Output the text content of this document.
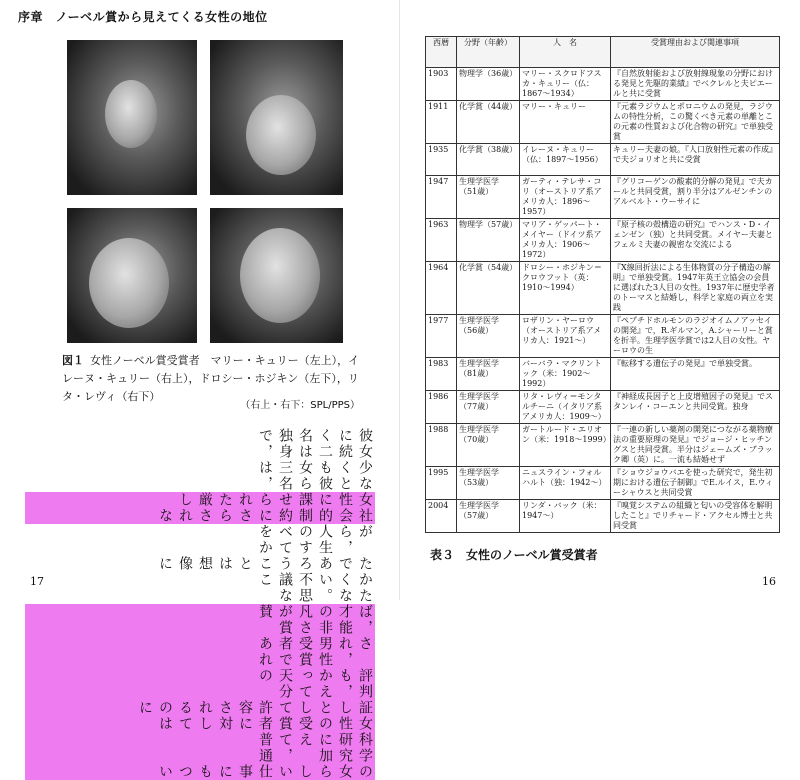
序章　ノーベル賞から見えてくる女性の地位
図１ 女性ノーベル賞受賞者　マリー・キュリー（左上），イレーヌ・キュリー（右上），ドロシー・ホジキン（左下），リタ・レヴィ（右下）
（右上・右下：SPL/PPS）
彼女に続く二名は独身で，
少なくとも彼女ら三名は，
女性に課せられた厳し
社会的制約にさらされな
がら，人生のすべてをか
たであろうことは想像に
かたくない。不思議なこ
ば，才能の非凡さが賞賛
され，男性受賞者であれ
評判も，かえって天分の
証しとして許容されるのに
女性の受賞者に対しては
科学研究に加えて，普通
の女らしい仕事にもつい
17
西暦	分野（年齢）	人　名	受賞理由および関連事項
1903	物理学（36歳）	マリー・スクロドフスカ・キュリー（仏：1867～1934）	『自然放射能および放射線現象の分野における発見と先駆的業績』でベクレルと夫ピエールと共に受賞
1911	化学賞（44歳）	マリー・キュリー	『元素ラジウムとポロニウムの発見，ラジウムの特性分析，この驚くべき元素の単離とこの元素の性質および化合物の研究』で単独受賞
1935	化学賞（38歳）	イレーヌ・キュリー（仏：1897～1956）	キュリー夫妻の娘。『人口放射性元素の作成』で夫ジョリオと共に受賞
1947	生理学医学（51歳）	ガーティ・テレサ・コリ（オーストリア系アメリカ人：1896～1957）	『グリコーゲンの酸素的分解の発見』で夫カールと共同受賞，割り半分はアルゼンチンのアルベルト・ウーサイに
1963	物理学（57歳）	マリア・ゲッパート・メイヤー（ドイツ系アメリカ人：1906～1972）	『原子核の殻構造の研究』でハンス・D・イェンゼン（独）と共同受賞。メイヤー夫妻とフェルミ夫妻の親密な交流による
1964	化学賞（54歳）	ドロシー・ホジキン＝クロウフット（英：1910～1994）	『X線回折法による生体物質の分子構造の解明』で単独受賞。1947年英王立協会の会員に選ばれた3人目の女性。1937年に歴史学者のトーマスと結婚し，科学と家庭の両立を実践
1977	生理学医学（56歳）	ロザリン・ヤーロウ（オーストリア系アメリカ人：1921～）	『ペプチドホルモンのラジオイムノアッセイの開発』で，R.ギルマン，A.シャーリーと賞を折半。生理学医学賞では2人目の女性。ヤーロウの生
1983	生理学医学（81歳）	バーバラ・マクリントック（米：1902～1992）	『転移する遺伝子の発見』で単独受賞。
1986	生理学医学（77歳）	リタ・レヴィ＝モンタルチーニ（イタリア系アメリカ人：1909～）	『神経成長因子と上皮增殖因子の発見』でスタンレイ・コーエンと共同受賞。独身
1988	生理学医学（70歳）	ガートルード・エリオン（米：1918～1999）	『一連の新しい薬剤の開発につながる薬物療法の重要原理の発見』でジョージ・ヒッチングスと共同受賞。半分はジェームズ・ブラック卿（英）に。一流も結婚せず
1995	生理学医学（53歳）	ニュスライン・フォルハルト（独：1942～）	『ショウジョウバエを使った研究で，発生初期における遺伝子制御』でE.ルイス，E.ウィーシャウスと共同受賞
2004	生理学医学（57歳）	リンダ・バック（米：1947～）	『嗅覚システムの組織と匂いの受容体を解明したこと』でリチャード・アクセル博士と共同受賞
表３　女性のノーベル賞受賞者
16
